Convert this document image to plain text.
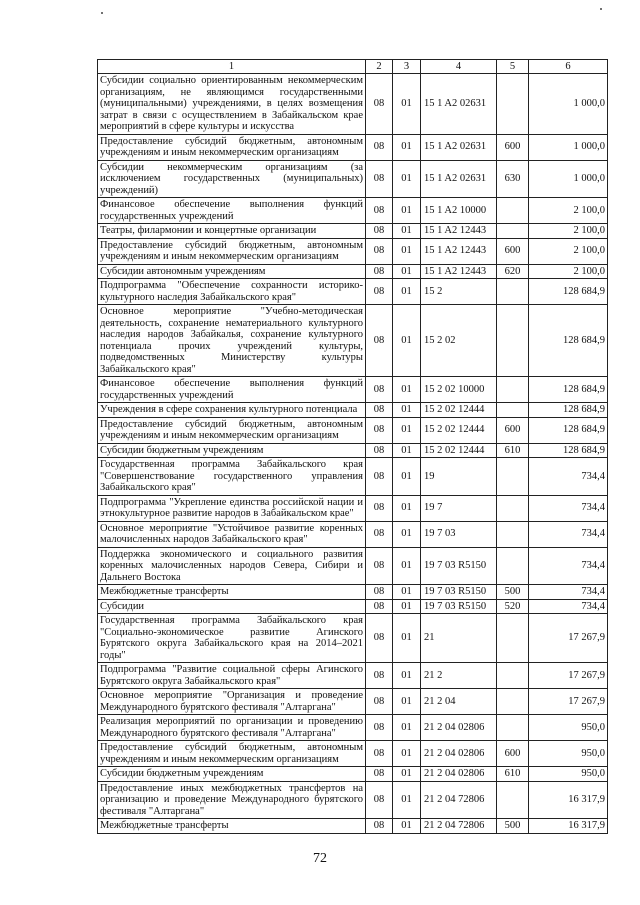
1	2	3	4	5	6
Субсидии социально ориентированным некоммерческим организациям, не являющимся государственными (муниципальными) учреждениями, в целях возмещения затрат в связи с осуществлением в Забайкальском крае мероприятий в сфере культуры и искусства	08	01	15 1 A2 02631		1 000,0
Предоставление субсидий бюджетным, автономным учреждениям и иным некоммерческим организациям	08	01	15 1 A2 02631	600	1 000,0
Субсидии некоммерческим организациям (за исключением государственных (муниципальных) учреждений)	08	01	15 1 A2 02631	630	1 000,0
Финансовое обеспечение выполнения функций государственных учреждений	08	01	15 1 A2 10000		2 100,0
Театры, филармонии и концертные организации	08	01	15 1 A2 12443		2 100,0
Предоставление субсидий бюджетным, автономным учреждениям и иным некоммерческим организациям	08	01	15 1 A2 12443	600	2 100,0
Субсидии автономным учреждениям	08	01	15 1 A2 12443	620	2 100,0
Подпрограмма "Обеспечение сохранности историко-культурного наследия Забайкальского края"	08	01	15 2		128 684,9
Основное мероприятие "Учебно-методическая деятельность, сохранение нематериального культурного наследия народов Забайкалья, сохранение культурного потенциала прочих учреждений культуры, подведомственных Министерству культуры Забайкальского края"	08	01	15 2 02		128 684,9
Финансовое обеспечение выполнения функций государственных учреждений	08	01	15 2 02 10000		128 684,9
Учреждения в сфере сохранения культурного потенциала	08	01	15 2 02 12444		128 684,9
Предоставление субсидий бюджетным, автономным учреждениям и иным некоммерческим организациям	08	01	15 2 02 12444	600	128 684,9
Субсидии бюджетным учреждениям	08	01	15 2 02 12444	610	128 684,9
Государственная программа Забайкальского края "Совершенствование государственного управления Забайкальского края"	08	01	19		734,4
Подпрограмма "Укрепление единства российской нации и этнокультурное развитие народов в Забайкальском крае"	08	01	19 7		734,4
Основное мероприятие "Устойчивое развитие коренных малочисленных народов Забайкальского края"	08	01	19 7 03		734,4
Поддержка экономического и социального развития коренных малочисленных народов Севера, Сибири и Дальнего Востока	08	01	19 7 03 R5150		734,4
Межбюджетные трансферты	08	01	19 7 03 R5150	500	734,4
Субсидии	08	01	19 7 03 R5150	520	734,4
Государственная программа Забайкальского края "Социально-экономическое развитие Агинского Бурятского округа Забайкальского края на 2014–2021 годы"	08	01	21		17 267,9
Подпрограмма "Развитие социальной сферы Агинского Бурятского округа Забайкальского края"	08	01	21 2		17 267,9
Основное мероприятие "Организация и проведение Международного бурятского фестиваля "Алтаргана"	08	01	21 2 04		17 267,9
Реализация мероприятий по организации и проведению Международного бурятского фестиваля "Алтаргана"	08	01	21 2 04 02806		950,0
Предоставление субсидий бюджетным, автономным учреждениям и иным некоммерческим организациям	08	01	21 2 04 02806	600	950,0
Субсидии бюджетным учреждениям	08	01	21 2 04 02806	610	950,0
Предоставление иных межбюджетных трансфертов на организацию и проведение Международного бурятского фестиваля "Алтаргана"	08	01	21 2 04 72806		16 317,9
Межбюджетные трансферты	08	01	21 2 04 72806	500	16 317,9
72
